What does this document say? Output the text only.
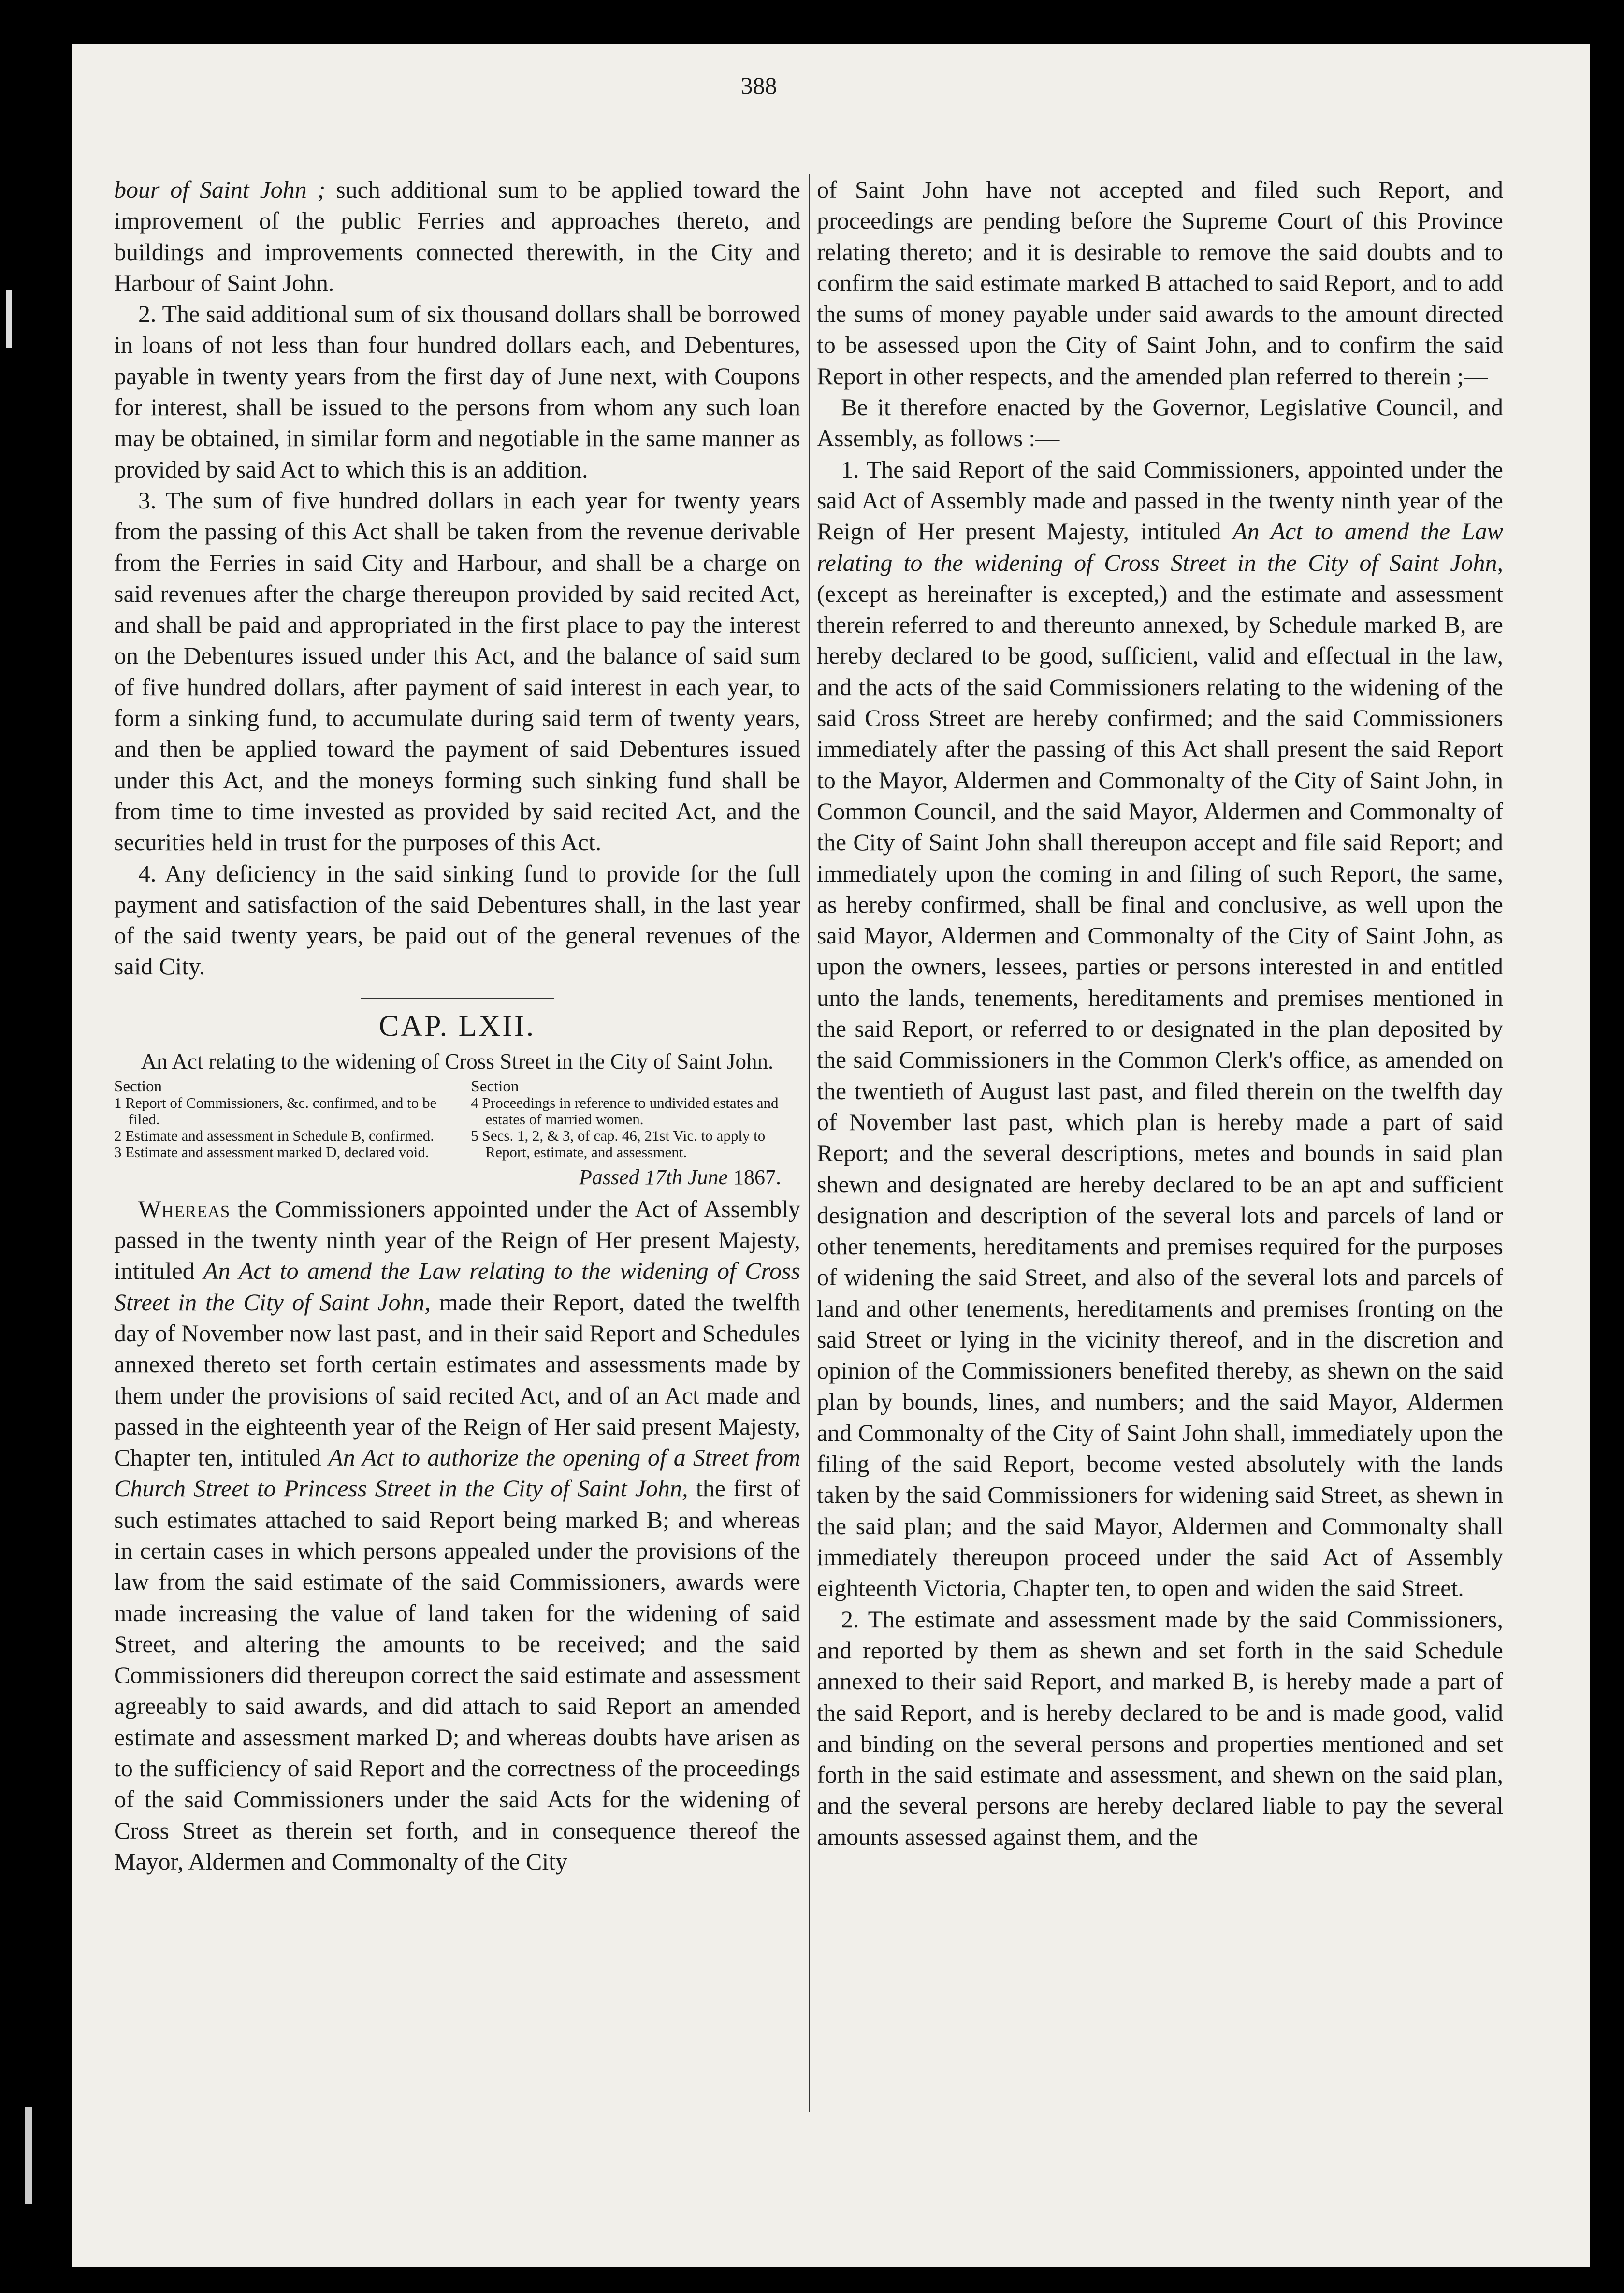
388

bour of Saint John ; such additional sum to be applied toward the improvement of the public Ferries and approaches thereto, and buildings and improvements connected therewith, in the City and Harbour of Saint John.

2. The said additional sum of six thousand dollars shall be borrowed in loans of not less than four hundred dollars each, and Debentures, payable in twenty years from the first day of June next, with Coupons for interest, shall be issued to the persons from whom any such loan may be obtained, in similar form and negotiable in the same manner as provided by said Act to which this is an addition.

3. The sum of five hundred dollars in each year for twenty years from the passing of this Act shall be taken from the revenue derivable from the Ferries in said City and Harbour, and shall be a charge on said revenues after the charge thereupon provided by said recited Act, and shall be paid and appropriated in the first place to pay the interest on the Debentures issued under this Act, and the balance of said sum of five hundred dollars, after payment of said interest in each year, to form a sinking fund, to accumulate during said term of twenty years, and then be applied toward the payment of said Debentures issued under this Act, and the moneys forming such sinking fund shall be from time to time invested as provided by said recited Act, and the securities held in trust for the purposes of this Act.

4. Any deficiency in the said sinking fund to provide for the full payment and satisfaction of the said Debentures shall, in the last year of the said twenty years, be paid out of the general revenues of the said City.

CAP. LXII.

An Act relating to the widening of Cross Street in the City of Saint John.

Section
1 Report of Commissioners, &c. confirmed, and to be filed.
2 Estimate and assessment in Schedule B, confirmed.
3 Estimate and assessment marked D, declared void.
Section
4 Proceedings in reference to undivided estates and estates of married women.
5 Secs. 1, 2, & 3, of cap. 46, 21st Vic. to apply to Report, estimate, and assessment.

Passed 17th June 1867.

Whereas the Commissioners appointed under the Act of Assembly passed in the twenty ninth year of the Reign of Her present Majesty, intituled An Act to amend the Law relating to the widening of Cross Street in the City of Saint John, made their Report, dated the twelfth day of November now last past, and in their said Report and Schedules annexed thereto set forth certain estimates and assessments made by them under the provisions of said recited Act, and of an Act made and passed in the eighteenth year of the Reign of Her said present Majesty, Chapter ten, intituled An Act to authorize the opening of a Street from Church Street to Princess Street in the City of Saint John, the first of such estimates attached to said Report being marked B; and whereas in certain cases in which persons appealed under the provisions of the law from the said estimate of the said Commissioners, awards were made increasing the value of land taken for the widening of said Street, and altering the amounts to be received; and the said Commissioners did thereupon correct the said estimate and assessment agreeably to said awards, and did attach to said Report an amended estimate and assessment marked D; and whereas doubts have arisen as to the sufficiency of said Report and the correctness of the proceedings of the said Commissioners under the said Acts for the widening of Cross Street as therein set forth, and in consequence thereof the Mayor, Aldermen and Commonalty of the City

of Saint John have not accepted and filed such Report, and proceedings are pending before the Supreme Court of this Province relating thereto; and it is desirable to remove the said doubts and to confirm the said estimate marked B attached to said Report, and to add the sums of money payable under said awards to the amount directed to be assessed upon the City of Saint John, and to confirm the said Report in other respects, and the amended plan referred to therein ;—

Be it therefore enacted by the Governor, Legislative Council, and Assembly, as follows :—

1. The said Report of the said Commissioners, appointed under the said Act of Assembly made and passed in the twenty ninth year of the Reign of Her present Majesty, intituled An Act to amend the Law relating to the widening of Cross Street in the City of Saint John, (except as hereinafter is excepted,) and the estimate and assessment therein referred to and thereunto annexed, by Schedule marked B, are hereby declared to be good, sufficient, valid and effectual in the law, and the acts of the said Commissioners relating to the widening of the said Cross Street are hereby confirmed; and the said Commissioners immediately after the passing of this Act shall present the said Report to the Mayor, Aldermen and Commonalty of the City of Saint John, in Common Council, and the said Mayor, Aldermen and Commonalty of the City of Saint John shall thereupon accept and file said Report; and immediately upon the coming in and filing of such Report, the same, as hereby confirmed, shall be final and conclusive, as well upon the said Mayor, Aldermen and Commonalty of the City of Saint John, as upon the owners, lessees, parties or persons interested in and entitled unto the lands, tenements, hereditaments and premises mentioned in the said Report, or referred to or designated in the plan deposited by the said Commissioners in the Common Clerk's office, as amended on the twentieth of August last past, and filed therein on the twelfth day of November last past, which plan is hereby made a part of said Report; and the several descriptions, metes and bounds in said plan shewn and designated are hereby declared to be an apt and sufficient designation and description of the several lots and parcels of land or other tenements, hereditaments and premises required for the purposes of widening the said Street, and also of the several lots and parcels of land and other tenements, hereditaments and premises fronting on the said Street or lying in the vicinity thereof, and in the discretion and opinion of the Commissioners benefited thereby, as shewn on the said plan by bounds, lines, and numbers; and the said Mayor, Aldermen and Commonalty of the City of Saint John shall, immediately upon the filing of the said Report, become vested absolutely with the lands taken by the said Commissioners for widening said Street, as shewn in the said plan; and the said Mayor, Aldermen and Commonalty shall immediately thereupon proceed under the said Act of Assembly eighteenth Victoria, Chapter ten, to open and widen the said Street.

2. The estimate and assessment made by the said Commissioners, and reported by them as shewn and set forth in the said Schedule annexed to their said Report, and marked B, is hereby made a part of the said Report, and is hereby declared to be and is made good, valid and binding on the several persons and properties mentioned and set forth in the said estimate and assessment, and shewn on the said plan, and the several persons are hereby declared liable to pay the several amounts assessed against them, and the
